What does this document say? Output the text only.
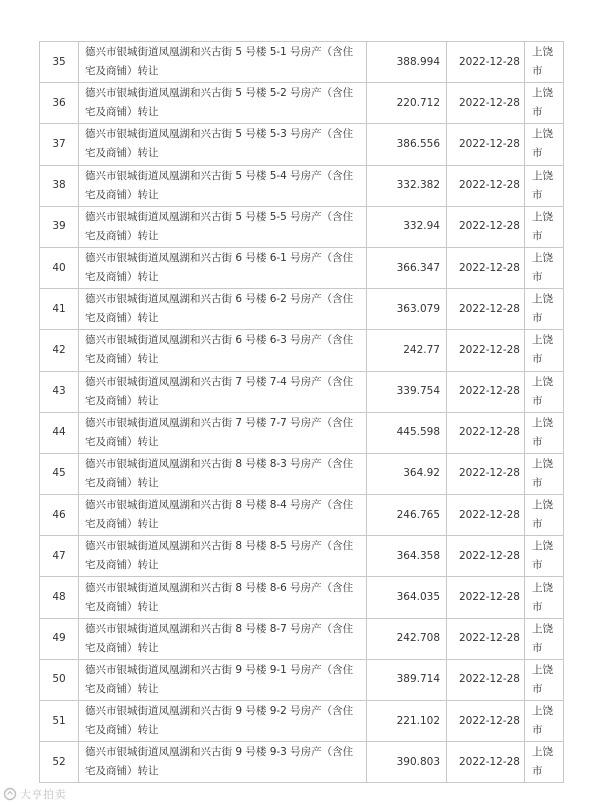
35	德兴市银城街道凤凰湖和兴古街 5 号楼 5-1 号房产（含住宅及商铺）转让	388.994	2022-12-28	上饶市
36	德兴市银城街道凤凰湖和兴古街 5 号楼 5-2 号房产（含住宅及商铺）转让	220.712	2022-12-28	上饶市
37	德兴市银城街道凤凰湖和兴古街 5 号楼 5-3 号房产（含住宅及商铺）转让	386.556	2022-12-28	上饶市
38	德兴市银城街道凤凰湖和兴古街 5 号楼 5-4 号房产（含住宅及商铺）转让	332.382	2022-12-28	上饶市
39	德兴市银城街道凤凰湖和兴古街 5 号楼 5-5 号房产（含住宅及商铺）转让	332.94	2022-12-28	上饶市
40	德兴市银城街道凤凰湖和兴古街 6 号楼 6-1 号房产（含住宅及商铺）转让	366.347	2022-12-28	上饶市
41	德兴市银城街道凤凰湖和兴古街 6 号楼 6-2 号房产（含住宅及商铺）转让	363.079	2022-12-28	上饶市
42	德兴市银城街道凤凰湖和兴古街 6 号楼 6-3 号房产（含住宅及商铺）转让	242.77	2022-12-28	上饶市
43	德兴市银城街道凤凰湖和兴古街 7 号楼 7-4 号房产（含住宅及商铺）转让	339.754	2022-12-28	上饶市
44	德兴市银城街道凤凰湖和兴古街 7 号楼 7-7 号房产（含住宅及商铺）转让	445.598	2022-12-28	上饶市
45	德兴市银城街道凤凰湖和兴古街 8 号楼 8-3 号房产（含住宅及商铺）转让	364.92	2022-12-28	上饶市
46	德兴市银城街道凤凰湖和兴古街 8 号楼 8-4 号房产（含住宅及商铺）转让	246.765	2022-12-28	上饶市
47	德兴市银城街道凤凰湖和兴古街 8 号楼 8-5 号房产（含住宅及商铺）转让	364.358	2022-12-28	上饶市
48	德兴市银城街道凤凰湖和兴古街 8 号楼 8-6 号房产（含住宅及商铺）转让	364.035	2022-12-28	上饶市
49	德兴市银城街道凤凰湖和兴古街 8 号楼 8-7 号房产（含住宅及商铺）转让	242.708	2022-12-28	上饶市
50	德兴市银城街道凤凰湖和兴古街 9 号楼 9-1 号房产（含住宅及商铺）转让	389.714	2022-12-28	上饶市
51	德兴市银城街道凤凰湖和兴古街 9 号楼 9-2 号房产（含住宅及商铺）转让	221.102	2022-12-28	上饶市
52	德兴市银城街道凤凰湖和兴古街 9 号楼 9-3 号房产（含住宅及商铺）转让	390.803	2022-12-28	上饶市
大亨拍卖
